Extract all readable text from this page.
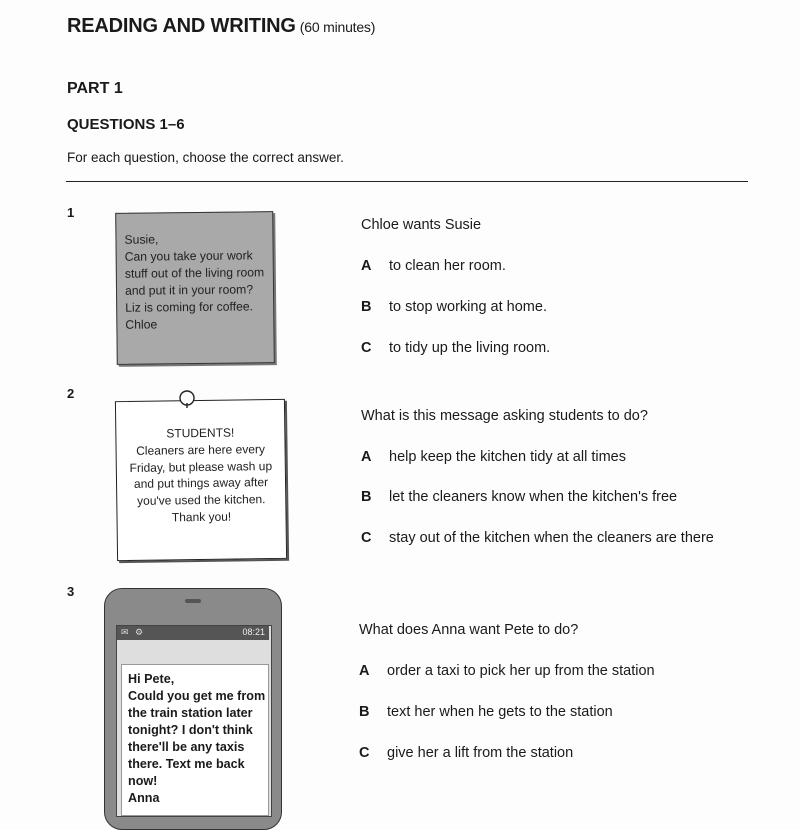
READING AND WRITING (60 minutes)
PART 1
QUESTIONS 1–6
For each question, choose the correct answer.
1
Susie,
Can you take your work stuff out of the living room and put it in your room? Liz is coming for coffee.
Chloe
Chloe wants Susie
A to clean her room.
B to stop working at home.
C to tidy up the living room.
2
STUDENTS!
Cleaners are here every Friday, but please wash up and put things away after you've used the kitchen.
Thank you!
What is this message asking students to do?
A help keep the kitchen tidy at all times
B let the cleaners know when the kitchen's free
C stay out of the kitchen when the cleaners are there
3
✉ ⚙	08:21
Hi Pete,
Could you get me from the train station later tonight? I don't think there'll be any taxis there. Text me back now!
Anna
What does Anna want Pete to do?
A order a taxi to pick her up from the station
B text her when he gets to the station
C give her a lift from the station
